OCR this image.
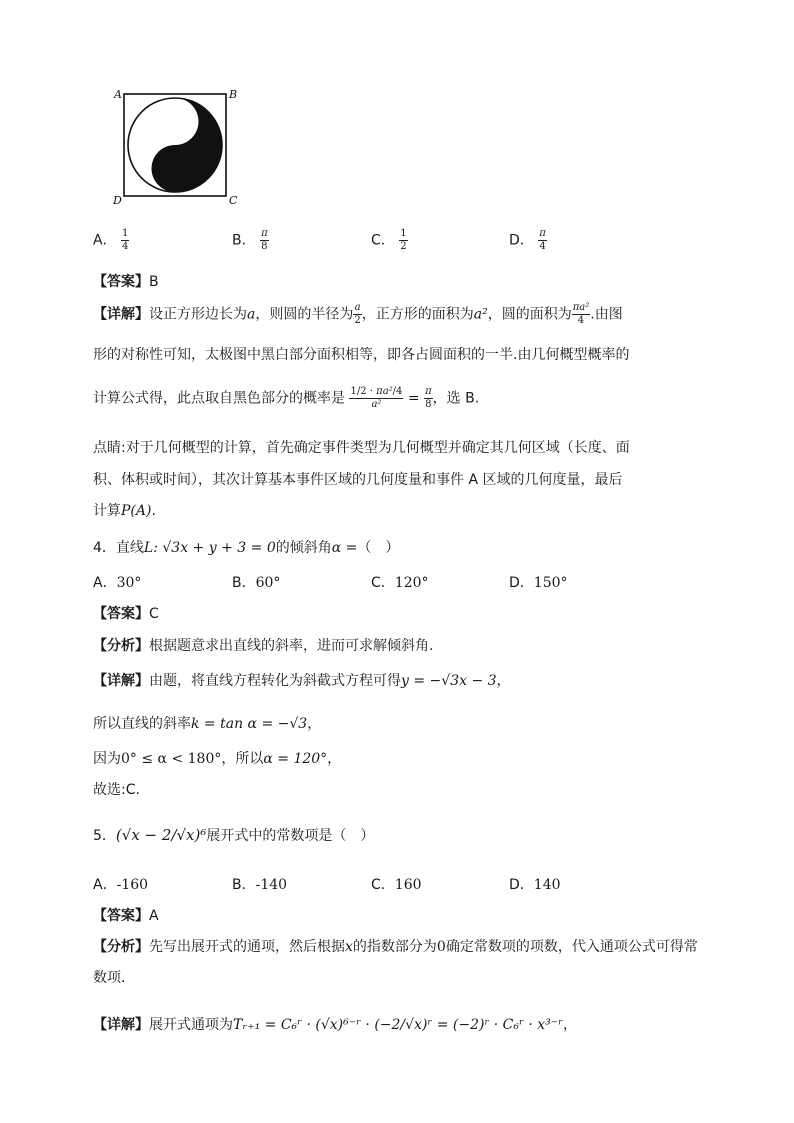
A	B
D	C
A． $\frac{1}{4}$	B． $\frac{\pi}{8}$	C． $\frac{1}{2}$	D． $\frac{\pi}{4}$
【答案】B
【详解】设正方形边长为a，则圆的半径为 $\frac{a}{2}$ ，正方形的面积为a²，圆的面积为 $\frac{\text{πa²}}{4}$ .由图
形的对称性可知，太极图中黑白部分面积相等，即各占圆面积的一半.由几何概型概率的
计算公式得，此点取自黑色部分的概率是 $\frac{\text{1/2 · πa²/4}}{\text{a²}} = \frac{\pi}{8}$ ，选 B.
点睛:对于几何概型的计算，首先确定事件类型为几何概型并确定其几何区域（长度、面
积、体积或时间），其次计算基本事件区域的几何度量和事件 A 区域的几何度量，最后
计算P(A).
4．直线L: √3x + y + 3 = 0的倾斜角α =（　）
A．30°	B．60°	C．120°	D．150°
【答案】C
【分析】根据题意求出直线的斜率，进而可求解倾斜角.
【详解】由题，将直线方程转化为斜截式方程可得y = −√3x − 3，
所以直线的斜率k = tan α = −√3，
因为0° ≤ α < 180°，所以α = 120°，
故选:C.
5．(√x − 2/√x)⁶展开式中的常数项是（　）
A．-160	B．-140	C．160	D．140
【答案】A
【分析】先写出展开式的通项，然后根据x的指数部分为0确定常数项的项数，代入通项公式可得常
数项.
【详解】展开式通项为Tᵣ₊₁ = C₆ʳ · (√x)⁶⁻ʳ · (−2/√x)ʳ = (−2)ʳ · C₆ʳ · x³⁻ʳ，
